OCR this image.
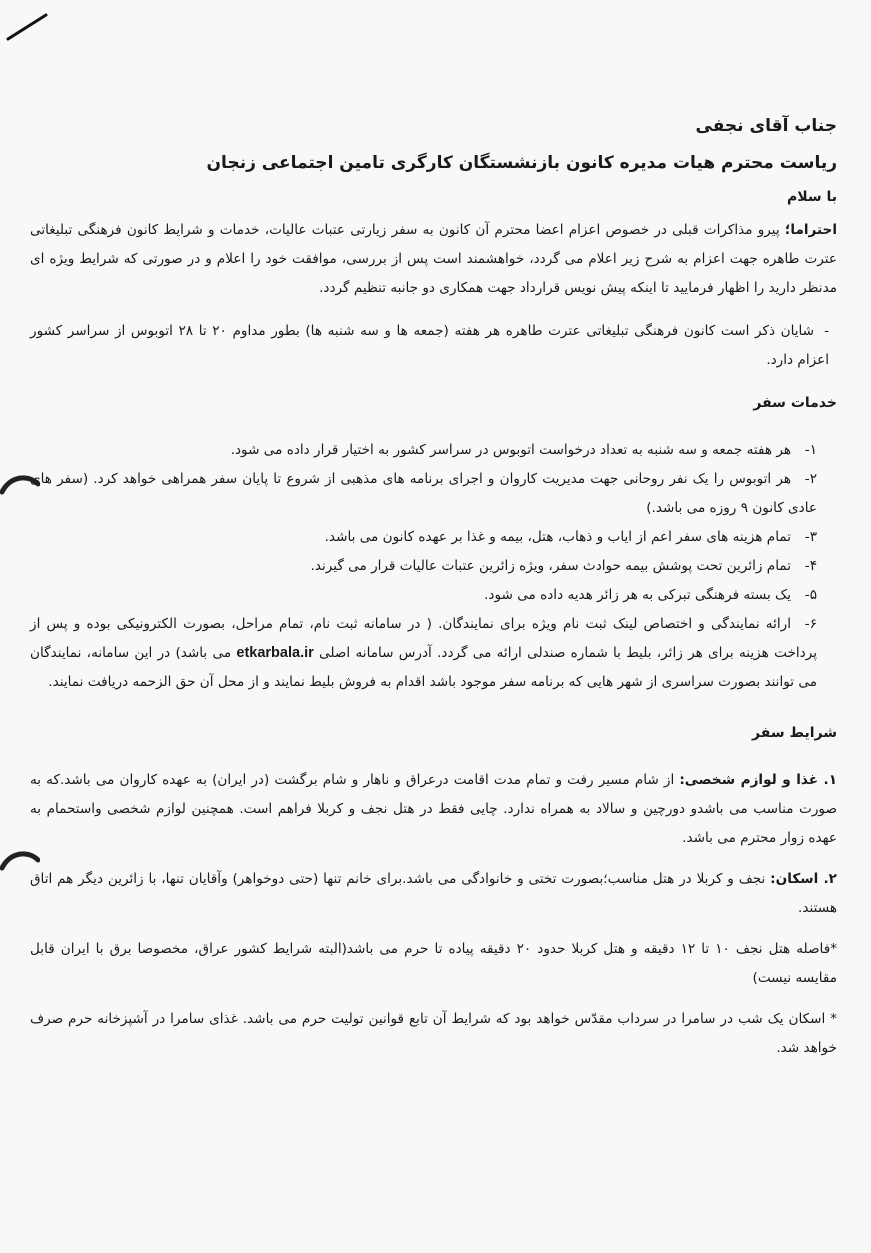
جناب آقای نجفی
ریاست محترم هیات مدیره کانون بازنشستگان کارگری تامین اجتماعی زنجان
با سلام

احتراما؛ پیرو مذاکرات قبلی در خصوص اعزام اعضا محترم آن کانون به سفر زیارتی عتبات عالیات، خدمات و شرایط کانون فرهنگی تبلیغاتی عترت طاهره جهت اعزام به شرح زیر اعلام می گردد، خواهشمند است پس از بررسی، موافقت خود را اعلام و در صورتی که شرایط ویژه ای مدنظر دارید را اظهار فرمایید تا اینکه پیش نویس قرارداد جهت همکاری دو جانبه تنظیم گردد.

-شایان ذکر است کانون فرهنگی تبلیغاتی عترت طاهره هر هفته (جمعه ها و سه شنبه ها) بطور مداوم ۲۰ تا ۲۸ اتوبوس از سراسر کشور اعزام دارد.

خدمات سفر

۱-هر هفته جمعه و سه شنبه به تعداد درخواست اتوبوس در سراسر کشور به اختیار قرار داده می شود.

۲-هر اتوبوس را یک نفر روحانی جهت مدیریت کاروان و اجرای برنامه های مذهبی از شروع تا پایان سفر همراهی خواهد کرد. (سفر های عادی کانون ۹ روزه می باشد.)

۳-تمام هزینه های سفر اعم از ایاب و ذهاب، هتل، بیمه و غذا بر عهده کانون می باشد.

۴-تمام زائرین تحت پوشش بیمه حوادث سفر، ویژه زائرین عتبات عالیات قرار می گیرند.

۵-یک بسته فرهنگی تبرکی به هر زائر هدیه داده می شود.

۶-ارائه نمایندگی و اختصاص لینک ثبت نام ویژه برای نمایندگان. ( در سامانه ثبت نام، تمام مراحل، بصورت الکترونیکی بوده و پس از پرداخت هزینه برای هر زائر، بلیط با شماره صندلی ارائه می گردد. آدرس سامانه اصلی etkarbala.ir می باشد) در این سامانه، نمایندگان می توانند بصورت سراسری از شهر هایی که برنامه سفر موجود باشد اقدام به فروش بلیط نمایند و از محل آن حق الزحمه دریافت نمایند.

شرایط سفر

۱. غذا و لوازم شخصی: از شام مسیر رفت و تمام مدت اقامت درعراق و ناهار و شام برگشت (در ایران) به عهده کاروان می باشد.که به صورت مناسب می باشدو دورچین و سالاد به همراه ندارد. چایی فقط در هتل نجف و کربلا فراهم است. همچنین لوازم شخصی واستحمام به عهده زوار محترم می باشد.

۲. اسکان: نجف و کربلا در هتل مناسب؛بصورت تختی و خانوادگی می باشد.برای خانم تنها (حتی دوخواهر) وآقایان تنها، با زائرین دیگر هم اتاق هستند.

*فاصله هتل نجف ۱۰ تا ۱۲ دقیقه و هتل کربلا حدود ۲۰ دقیقه پیاده تا حرم می باشد(البته شرایط کشور عراق، مخصوصا برق با ایران قابل مقایسه نیست)

* اسکان یک شب در سامرا در سرداب مقدّس خواهد بود که شرایط آن تابع قوانین تولیت حرم می باشد. غذای سامرا در آشپزخانه حرم صرف خواهد شد.
